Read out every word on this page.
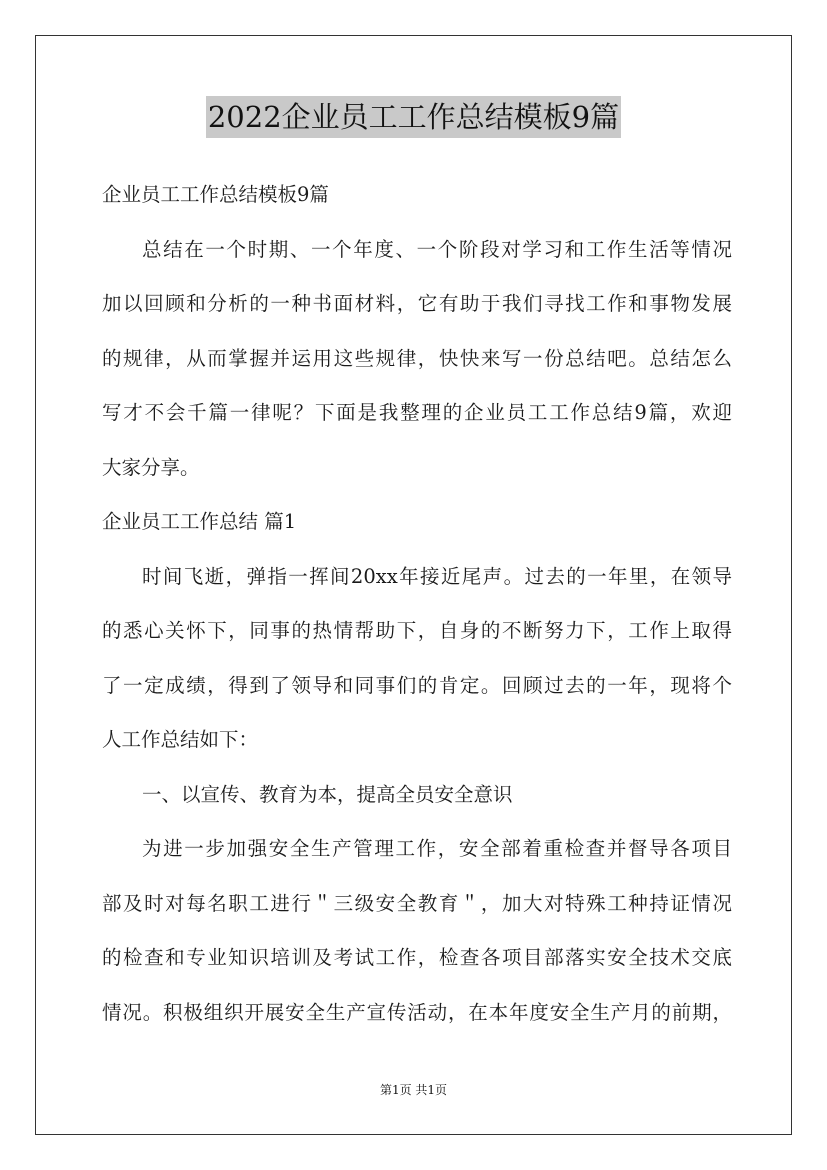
2022企业员工工作总结模板9篇
企业员工工作总结模板9篇
总结在一个时期、一个年度、一个阶段对学习和工作生活等情况
加以回顾和分析的一种书面材料，它有助于我们寻找工作和事物发展
的规律，从而掌握并运用这些规律，快快来写一份总结吧。总结怎么
写才不会千篇一律呢？下面是我整理的企业员工工作总结9篇，欢迎
大家分享。
企业员工工作总结 篇1
时间飞逝，弹指一挥间20xx年接近尾声。过去的一年里，在领导
的悉心关怀下，同事的热情帮助下，自身的不断努力下，工作上取得
了一定成绩，得到了领导和同事们的肯定。回顾过去的一年，现将个
人工作总结如下：
一、以宣传、教育为本，提高全员安全意识
为进一步加强安全生产管理工作，安全部着重检查并督导各项目
部及时对每名职工进行＂三级安全教育＂，加大对特殊工种持证情况
的检查和专业知识培训及考试工作，检查各项目部落实安全技术交底
情况。积极组织开展安全生产宣传活动，在本年度安全生产月的前期，
第1页 共1页
